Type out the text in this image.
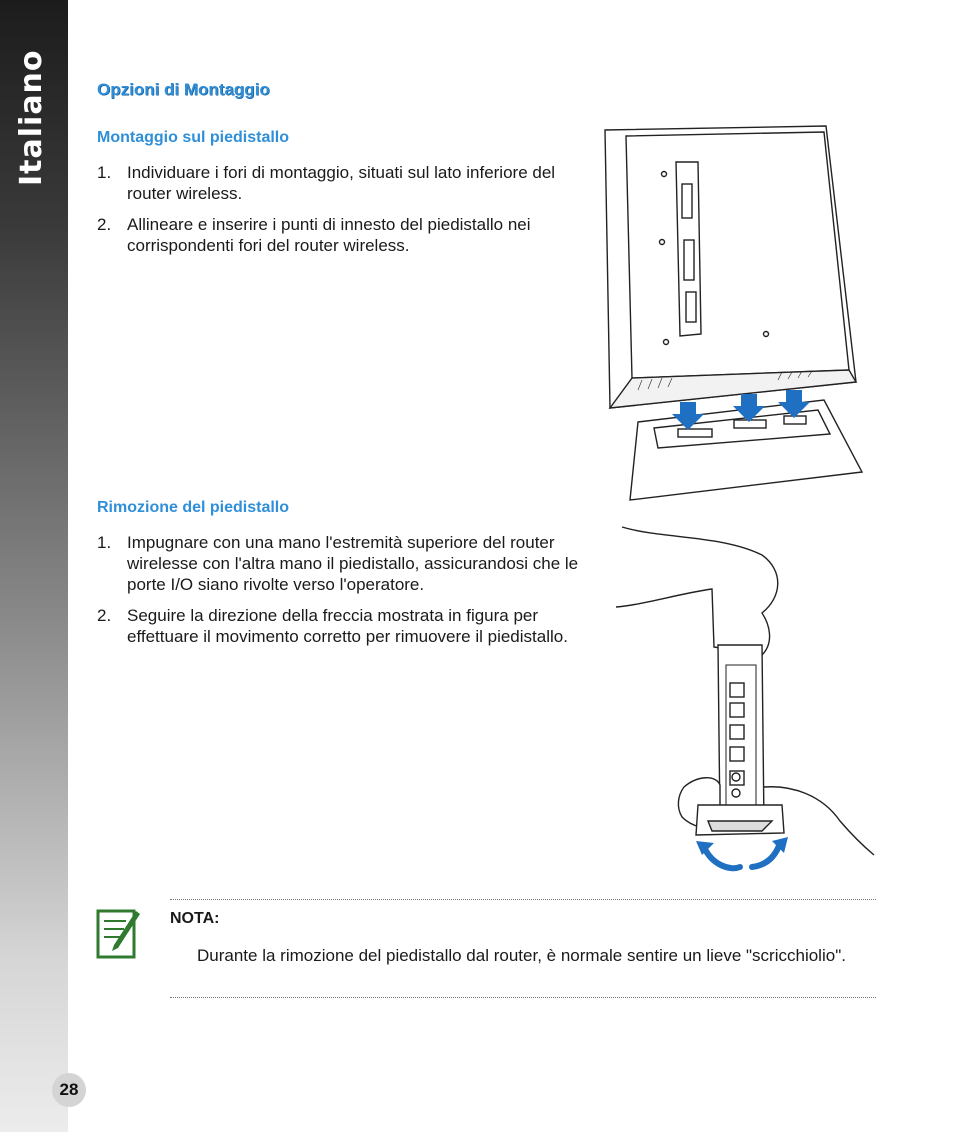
Italiano
28
Opzioni di Montaggio
Montaggio sul piedistallo
1. Individuare i fori di montaggio, situati sul lato inferiore del router wireless.
2. Allineare e inserire i punti di innesto del piedistallo nei corrispondenti fori del router wireless.
Rimozione del piedistallo
1. Impugnare con una mano l'estremità superiore del router wirelesse con l'altra mano il piedistallo, assicurandosi che le porte I/O siano rivolte verso l'operatore.
2. Seguire la direzione della freccia mostrata in figura per effettuare il movimento corretto per rimuovere il piedistallo.
NOTA:
Durante la rimozione del piedistallo dal router, è normale sentire un lieve "scricchiolio".
